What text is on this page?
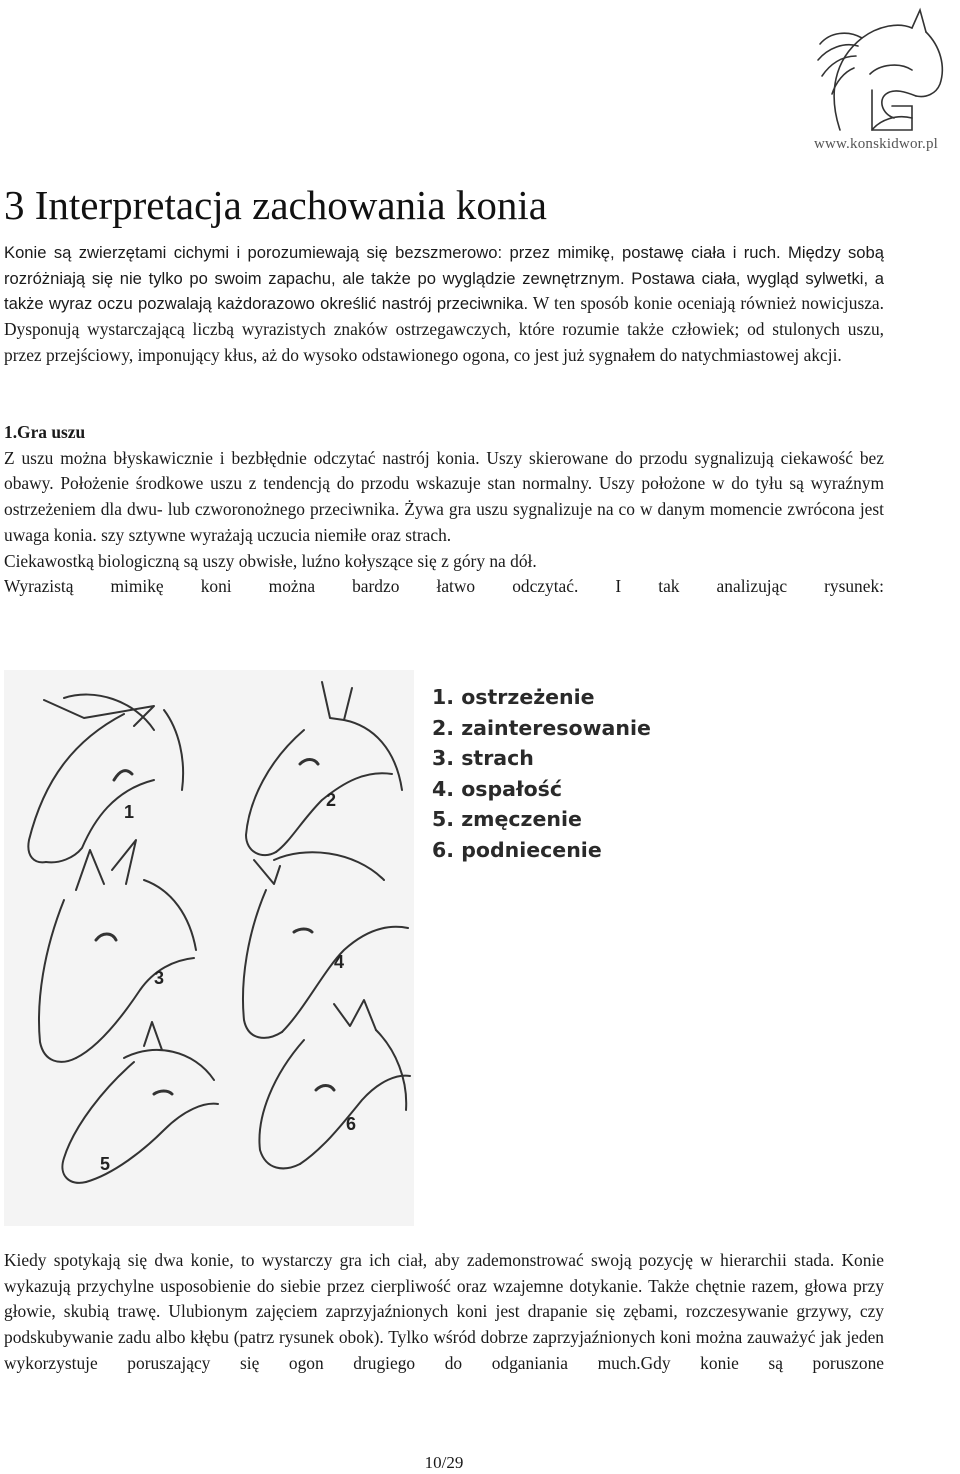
www.konskidwor.pl
3 Interpretacja zachowania konia

Konie są zwierzętami cichymi i porozumiewają się bezszmerowo: przez mimikę, postawę ciała i ruch. Między sobą rozróżniają się nie tylko po swoim zapachu, ale także po wyglądzie zewnętrznym. Postawa ciała, wygląd sylwetki, a także wyraz oczu pozwalają każdorazowo określić nastrój przeciwnika. W ten sposób konie oceniają również nowicjusza. Dysponują wystarczającą liczbą wyrazistych znaków ostrzegawczych, które rozumie także człowiek; od stulonych uszu, przez przejściowy, imponujący kłus, aż do wysoko odstawionego ogona, co jest już sygnałem do natychmiastowej akcji.

1.Gra uszu

Z uszu można błyskawicznie i bezbłędnie odczytać nastrój konia. Uszy skierowane do przodu sygnalizują ciekawość bez obawy. Położenie środkowe uszu z tendencją do przodu wskazuje stan normalny. Uszy położone w do tyłu są wyraźnym ostrzeżeniem dla dwu- lub czworonożnego przeciwnika. Żywa gra uszu sygnalizuje na co w danym momencie zwrócona jest uwaga konia. szy sztywne wyrażają uczucia niemiłe oraz strach.

Ciekawostką biologiczną są uszy obwisłe, luźno kołyszące się z góry na dół.

Wyrazistą mimikę koni można bardzo łatwo odczytać. I tak analizując rysunek:

1
2
3
4
5
6
1. ostrzeżenie
2. zainteresowanie
3. strach
4. ospałość
5. zmęczenie
6. podniecenie

Kiedy spotykają się dwa konie, to wystarczy gra ich ciał, aby zademonstrować swoją pozycję w hierarchii stada. Konie wykazują przychylne usposobienie do siebie przez cierpliwość oraz wzajemne dotykanie. Także chętnie razem, głowa przy głowie, skubią trawę. Ulubionym zajęciem zaprzyjaźnionych koni jest drapanie się zębami, rozczesywanie grzywy, czy podskubywanie zadu albo kłębu (patrz rysunek obok). Tylko wśród dobrze zaprzyjaźnionych koni można zauważyć jak jeden wykorzystuje poruszający się ogon drugiego do odganiania much.Gdy konie są poruszone

10/29
